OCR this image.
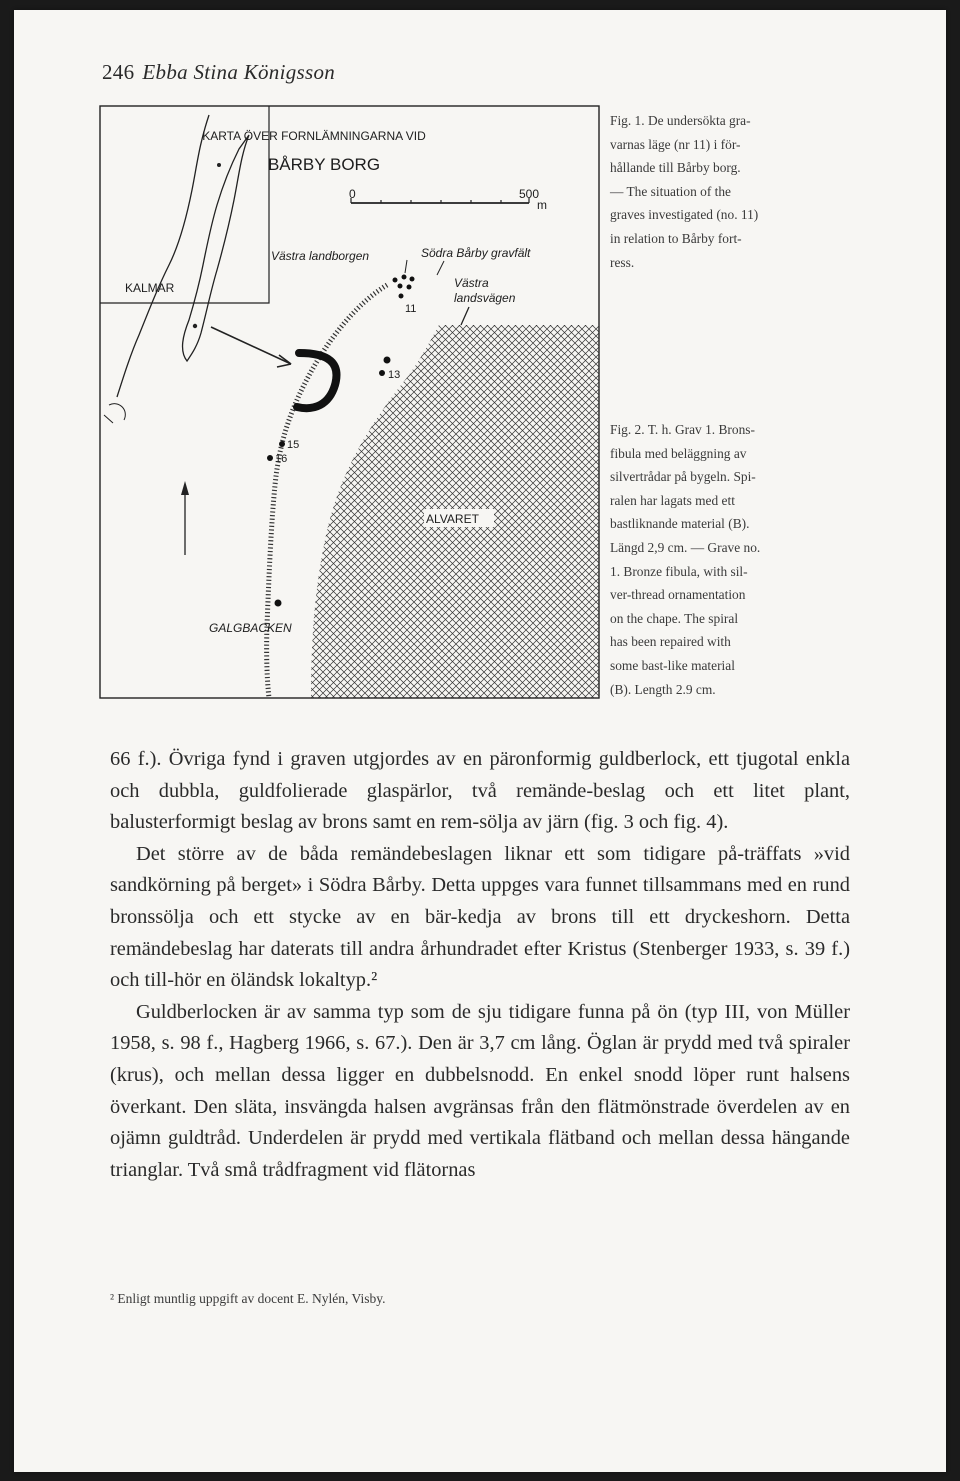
246 Ebba Stina Königsson
KARTA ÖVER FORNLÄMNINGARNA VID
BÅRBY BORG
0	500
m
KALMAR
Västra landborgen	Södra Bårby gravfält
Västra
landsvägen
ALVARET
11
13
15
16
GALGBACKEN
Fig. 1. De undersökta gra-
varnas läge (nr 11) i för-
hållande till Bårby borg.
— The situation of the
graves investigated (no. 11)
in relation to Bårby fort-
ress.
Fig. 2. T. h. Grav 1. Brons-
fibula med beläggning av
silvertrådar på bygeln. Spi-
ralen har lagats med ett
bastliknande material (B).
Längd 2,9 cm. — Grave no.
1. Bronze fibula, with sil-
ver-thread ornamentation
on the chape. The spiral
has been repaired with
some bast-like material
(B). Length 2.9 cm.

66 f.). Övriga fynd i graven utgjordes av en päronformig guldberlock, ett tjugotal enkla och dubbla, guldfolierade glaspärlor, två remände-beslag och ett litet plant, balusterformigt beslag av brons samt en rem-sölja av järn (fig. 3 och fig. 4).

Det större av de båda remändebeslagen liknar ett som tidigare på-träffats »vid sandkörning på berget» i Södra Bårby. Detta uppges vara funnet tillsammans med en rund bronssölja och ett stycke av en bär-kedja av brons till ett dryckeshorn. Detta remändebeslag har daterats till andra århundradet efter Kristus (Stenberger 1933, s. 39 f.) och till-hör en öländsk lokaltyp.²

Guldberlocken är av samma typ som de sju tidigare funna på ön (typ III, von Müller 1958, s. 98 f., Hagberg 1966, s. 67.). Den är 3,7 cm lång. Öglan är prydd med två spiraler (krus), och mellan dessa ligger en dubbelsnodd. En enkel snodd löper runt halsens överkant. Den släta, insvängda halsen avgränsas från den flätmönstrade överdelen av en ojämn guldtråd. Underdelen är prydd med vertikala flätband och mellan dessa hängande trianglar. Två små trådfragment vid flätornas

² Enligt muntlig uppgift av docent E. Nylén, Visby.
